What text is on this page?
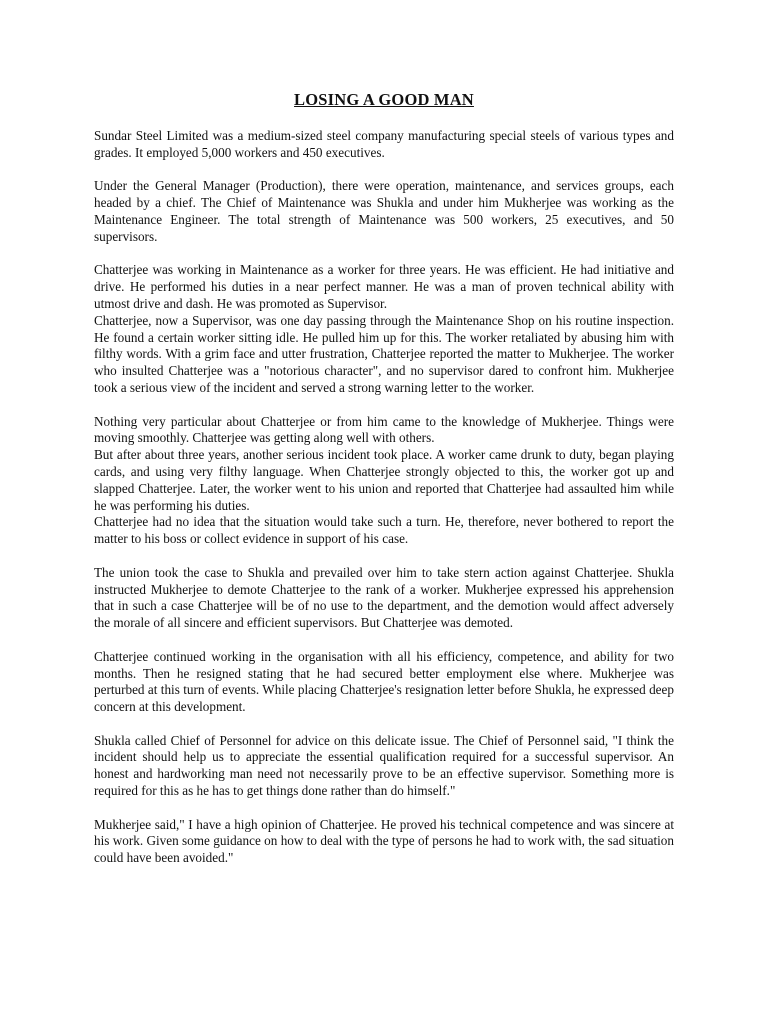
LOSING A GOOD MAN

Sundar Steel Limited was a medium-sized steel company manufacturing special steels of various types and grades. It employed 5,000 workers and 450 executives.

Under the General Manager (Production), there were operation, maintenance, and services groups, each headed by a chief. The Chief of Maintenance was Shukla and under him Mukherjee was working as the Maintenance Engineer. The total strength of Maintenance was 500 workers, 25 executives, and 50 supervisors.

Chatterjee was working in Maintenance as a worker for three years. He was efficient. He had initiative and drive. He performed his duties in a near perfect manner. He was a man of proven technical ability with utmost drive and dash. He was promoted as Supervisor.

Chatterjee, now a Supervisor, was one day passing through the Maintenance Shop on his routine inspection. He found a certain worker sitting idle. He pulled him up for this. The worker retaliated by abusing him with filthy words. With a grim face and utter frustration, Chatterjee reported the matter to Mukherjee. The worker who insulted Chatterjee was a "notorious character", and no supervisor dared to confront him. Mukherjee took a serious view of the incident and served a strong warning letter to the worker.

Nothing very particular about Chatterjee or from him came to the knowledge of Mukherjee. Things were moving smoothly. Chatterjee was getting along well with others.

But after about three years, another serious incident took place. A worker came drunk to duty, began playing cards, and using very filthy language. When Chatterjee strongly objected to this, the worker got up and slapped Chatterjee. Later, the worker went to his union and reported that Chatterjee had assaulted him while he was performing his duties.

Chatterjee had no idea that the situation would take such a turn. He, therefore, never bothered to report the matter to his boss or collect evidence in support of his case.

The union took the case to Shukla and prevailed over him to take stern action against Chatterjee. Shukla instructed Mukherjee to demote Chatterjee to the rank of a worker. Mukherjee expressed his apprehension that in such a case Chatterjee will be of no use to the department, and the demotion would affect adversely the morale of all sincere and efficient supervisors. But Chatterjee was demoted.

Chatterjee continued working in the organisation with all his efficiency, competence, and ability for two months. Then he resigned stating that he had secured better employment else where. Mukherjee was perturbed at this turn of events. While placing Chatterjee's resignation letter before Shukla, he expressed deep concern at this development.

Shukla called Chief of Personnel for advice on this delicate issue. The Chief of Personnel said, "I think the incident should help us to appreciate the essential qualification required for a successful supervisor. An honest and hardworking man need not necessarily prove to be an effective supervisor. Something more is required for this as he has to get things done rather than do himself."

Mukherjee said," I have a high opinion of Chatterjee. He proved his technical competence and was sincere at his work. Given some guidance on how to deal with the type of persons he had to work with, the sad situation could have been avoided."
